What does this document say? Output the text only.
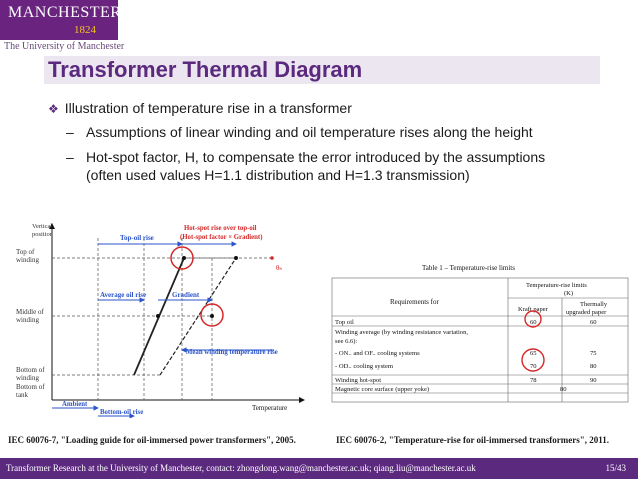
MANCHESTER
1824
The University of Manchester
Transformer Thermal Diagram
❖ Illustration of temperature rise in a transformer
– Assumptions of linear winding and oil temperature rises along the height
– Hot-spot factor, H, to compensate the error introduced by the assumptions
(often used values H=1.1 distribution and H=1.3 transmission)
Vertical
position
Temperature
Top of
winding
Middle of
winding
Bottom of
winding
Bottom of
tank
Top-oil rise
Hot-spot rise over top-oil
(Hot-spot factor × Gradient)
θₕ
Average oil rise	Gradient
Mean winding temperature rise
Ambient
Bottom-oil rise
Table 1 – Temperature-rise limits
Requirements for
Temperature-rise limits
(K)
Kraft paper
Thermally
upgraded paper
Top oil	60	60
Winding average (by winding resistance variation,
see 6.6):
- ON.. and OF.. cooling systems	65	75
- OD.. cooling system	70	80
Winding hot-spot	78	90
Magnetic core surface (upper yoke)	80
IEC 60076-7, "Loading guide for oil-immersed power transformers", 2005.	IEC 60076-2, "Temperature-rise for oil-immersed transformers", 2011.
Transformer Research at the University of Manchester, contact: zhongdong.wang@manchester.ac.uk; qiang.liu@manchester.ac.uk	15/43
